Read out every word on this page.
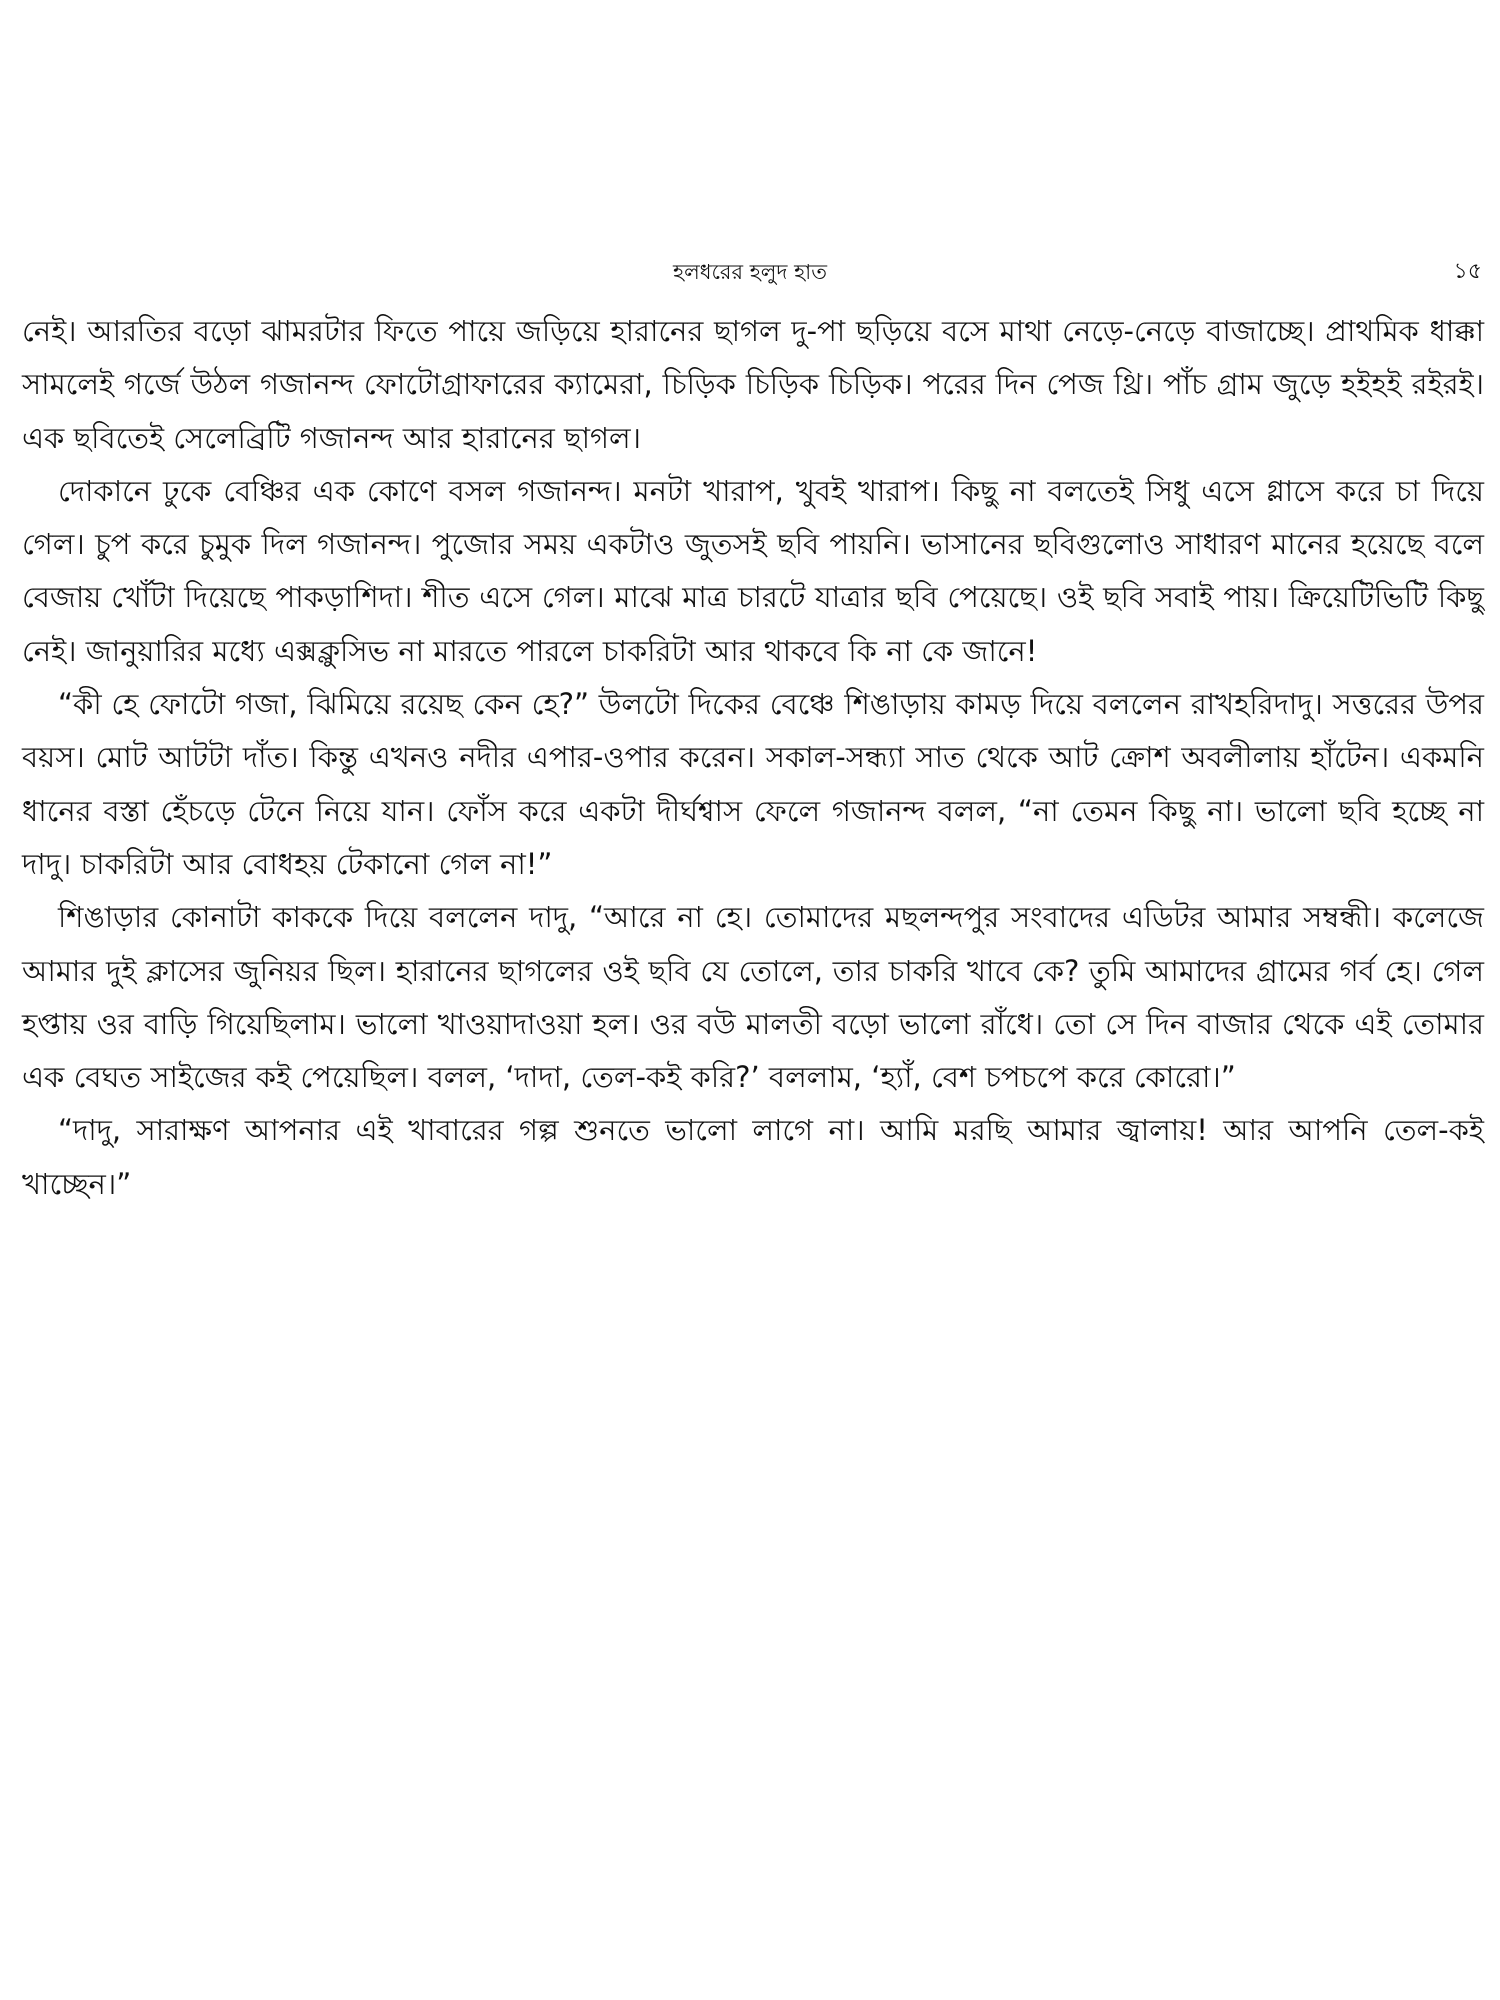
হলধরের হলুদ হাত	১৫

নেই। আরতির বড়ো ঝামরটার ফিতে পায়ে জড়িয়ে হারানের ছাগল দু-পা ছড়িয়ে বসে মাথা নেড়ে-নেড়ে বাজাচ্ছে। প্রাথমিক ধাক্কা সামলেই গর্জে উঠল গজানন্দ ফোটোগ্রাফারের ক্যামেরা, চিড়িক চিড়িক চিড়িক। পরের দিন পেজ থ্রি। পাঁচ গ্রাম জুড়ে হইহই রইরই। এক ছবিতেই সেলেব্রিটি গজানন্দ আর হারানের ছাগল।

দোকানে ঢুকে বেঞ্চির এক কোণে বসল গজানন্দ। মনটা খারাপ, খুবই খারাপ। কিছু না বলতেই সিধু এসে গ্লাসে করে চা দিয়ে গেল। চুপ করে চুমুক দিল গজানন্দ। পুজোর সময় একটাও জুতসই ছবি পায়নি। ভাসানের ছবিগুলোও সাধারণ মানের হয়েছে বলে বেজায় খোঁটা দিয়েছে পাকড়াশিদা। শীত এসে গেল। মাঝে মাত্র চারটে যাত্রার ছবি পেয়েছে। ওই ছবি সবাই পায়। ক্রিয়েটিভিটি কিছু নেই। জানুয়ারির মধ্যে এক্সক্লুসিভ না মারতে পারলে চাকরিটা আর থাকবে কি না কে জানে!

“কী হে ফোটো গজা, ঝিমিয়ে রয়েছ কেন হে?” উলটো দিকের বেঞ্চে শিঙাড়ায় কামড় দিয়ে বললেন রাখহরিদাদু। সত্তরের উপর বয়স। মোট আটটা দাঁত। কিন্তু এখনও নদীর এপার-ওপার করেন। সকাল-সন্ধ্যা সাত থেকে আট ক্রোশ অবলীলায় হাঁটেন। একমনি ধানের বস্তা হেঁচড়ে টেনে নিয়ে যান। ফোঁস করে একটা দীর্ঘশ্বাস ফেলে গজানন্দ বলল, “না তেমন কিছু না। ভালো ছবি হচ্ছে না দাদু। চাকরিটা আর বোধহয় টেকানো গেল না!”

শিঙাড়ার কোনাটা কাককে দিয়ে বললেন দাদু, “আরে না হে। তোমাদের মছলন্দপুর সংবাদের এডিটর আমার সম্বন্ধী। কলেজে আমার দুই ক্লাসের জুনিয়র ছিল। হারানের ছাগলের ওই ছবি যে তোলে, তার চাকরি খাবে কে? তুমি আমাদের গ্রামের গর্ব হে। গেল হপ্তায় ওর বাড়ি গিয়েছিলাম। ভালো খাওয়াদাওয়া হল। ওর বউ মালতী বড়ো ভালো রাঁধে। তো সে দিন বাজার থেকে এই তোমার এক বেঘত সাইজের কই পেয়েছিল। বলল, ‘দাদা, তেল-কই করি?’ বললাম, ‘হ্যাঁ, বেশ চপচপে করে কোরো।”

“দাদু, সারাক্ষণ আপনার এই খাবারের গল্প শুনতে ভালো লাগে না। আমি মরছি আমার জ্বালায়! আর আপনি তেল-কই খাচ্ছেন।”
